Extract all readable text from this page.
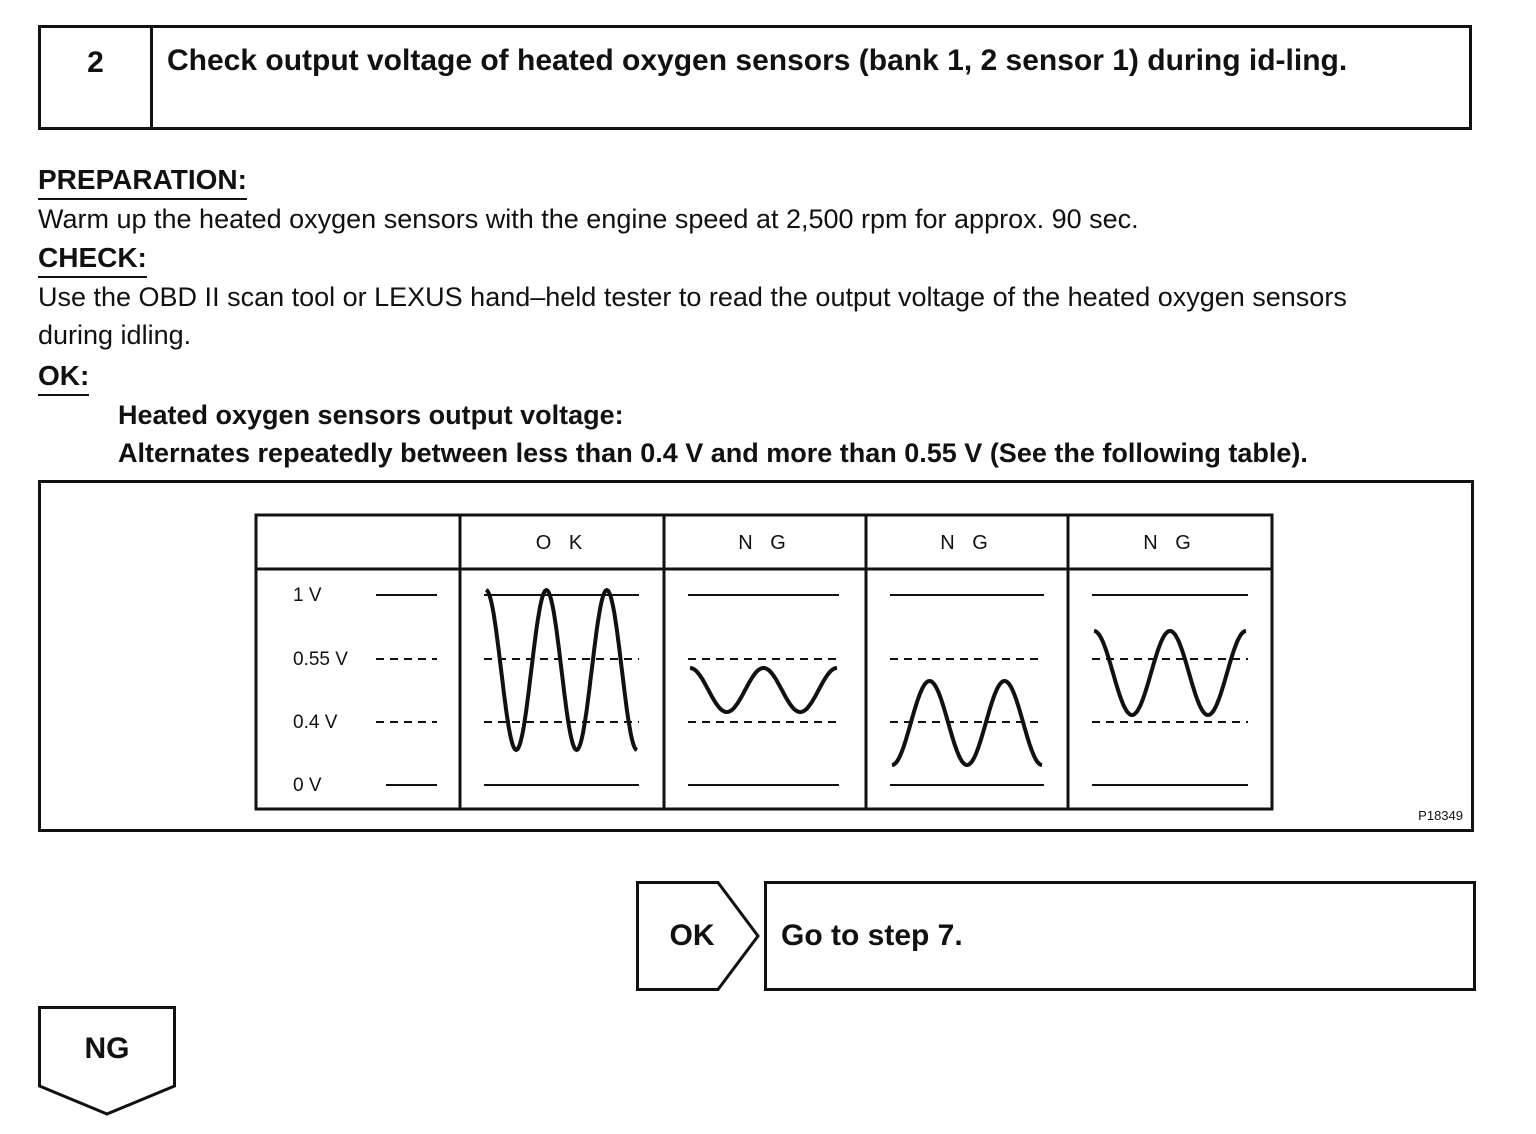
2	Check output voltage of heated oxygen sensors (bank 1, 2 sensor 1) during id-ling.
PREPARATION:
Warm up the heated oxygen sensors with the engine speed at 2,500 rpm for approx. 90 sec.
CHECK:
Use the OBD II scan tool or LEXUS hand–held tester to read the output voltage of the heated oxygen sensors
during idling.
OK:
Heated oxygen sensors output voltage:
Alternates repeatedly between less than 0.4 V and more than 0.55 V (See the following table).
O K	N G	N G	N G
1 V
0.55 V
0.4 V
0 V
P18349
OK	Go to step 7.
NG
